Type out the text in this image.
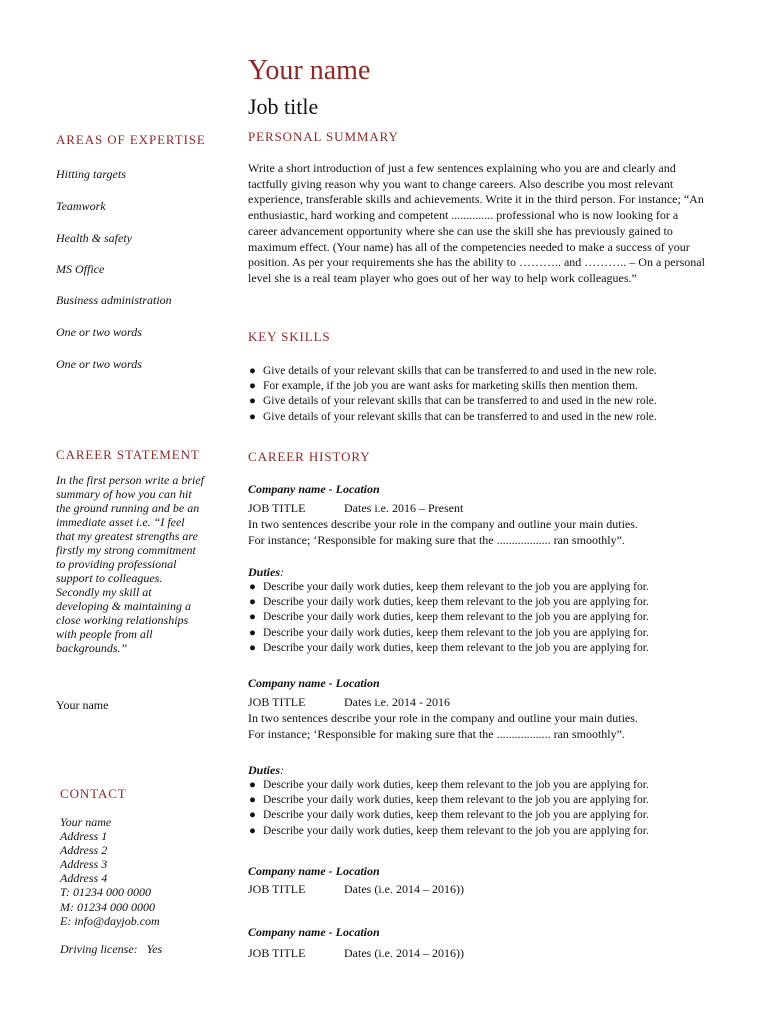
Your name
Job title
AREAS OF EXPERTISE
Hitting targets
Teamwork
Health & safety
MS Office
Business administration
One or two words
One or two words
CAREER STATEMENT
In the first person write a brief summary of how you can hit the ground running and be an immediate asset i.e. “I feel that my greatest strengths are firstly my strong commitment to providing professional support to colleagues. Secondly my skill at developing & maintaining a close working relationships with people from all backgrounds.”
Your name
CONTACT
Your name
Address 1
Address 2
Address 3
Address 4
T: 01234 000 0000
M: 01234 000 0000
E: info@dayjob.com
Driving license: Yes
PERSONAL SUMMARY
Write a short introduction of just a few sentences explaining who you are and clearly and tactfully giving reason why you want to change careers. Also describe you most relevant experience, transferable skills and achievements. Write it in the third person. For instance; “An enthusiastic, hard working and competent .............. professional who is now looking for a career advancement opportunity where she can use the skill she has previously gained to maximum effect. (Your name) has all of the competencies needed to make a success of your position. As per your requirements she has the ability to ……….. and ……….. – On a personal level she is a real team player who goes out of her way to help work colleagues.”
KEY SKILLS
● Give details of your relevant skills that can be transferred to and used in the new role.
● For example, if the job you are want asks for marketing skills then mention them.
● Give details of your relevant skills that can be transferred to and used in the new role.
● Give details of your relevant skills that can be transferred to and used in the new role.
CAREER HISTORY
Company name - Location
JOB TITLE	Dates i.e. 2016 – Present
In two sentences describe your role in the company and outline your main duties.
For instance; ‘Responsible for making sure that the .................. ran smoothly”.
Duties:
● Describe your daily work duties, keep them relevant to the job you are applying for.
● Describe your daily work duties, keep them relevant to the job you are applying for.
● Describe your daily work duties, keep them relevant to the job you are applying for.
● Describe your daily work duties, keep them relevant to the job you are applying for.
● Describe your daily work duties, keep them relevant to the job you are applying for.
Company name - Location
JOB TITLE	Dates i.e. 2014 - 2016
In two sentences describe your role in the company and outline your main duties.
For instance; ‘Responsible for making sure that the .................. ran smoothly”.
Duties:
● Describe your daily work duties, keep them relevant to the job you are applying for.
● Describe your daily work duties, keep them relevant to the job you are applying for.
● Describe your daily work duties, keep them relevant to the job you are applying for.
● Describe your daily work duties, keep them relevant to the job you are applying for.
Company name - Location
JOB TITLE	Dates (i.e. 2014 – 2016))
Company name - Location
JOB TITLE	Dates (i.e. 2014 – 2016))
